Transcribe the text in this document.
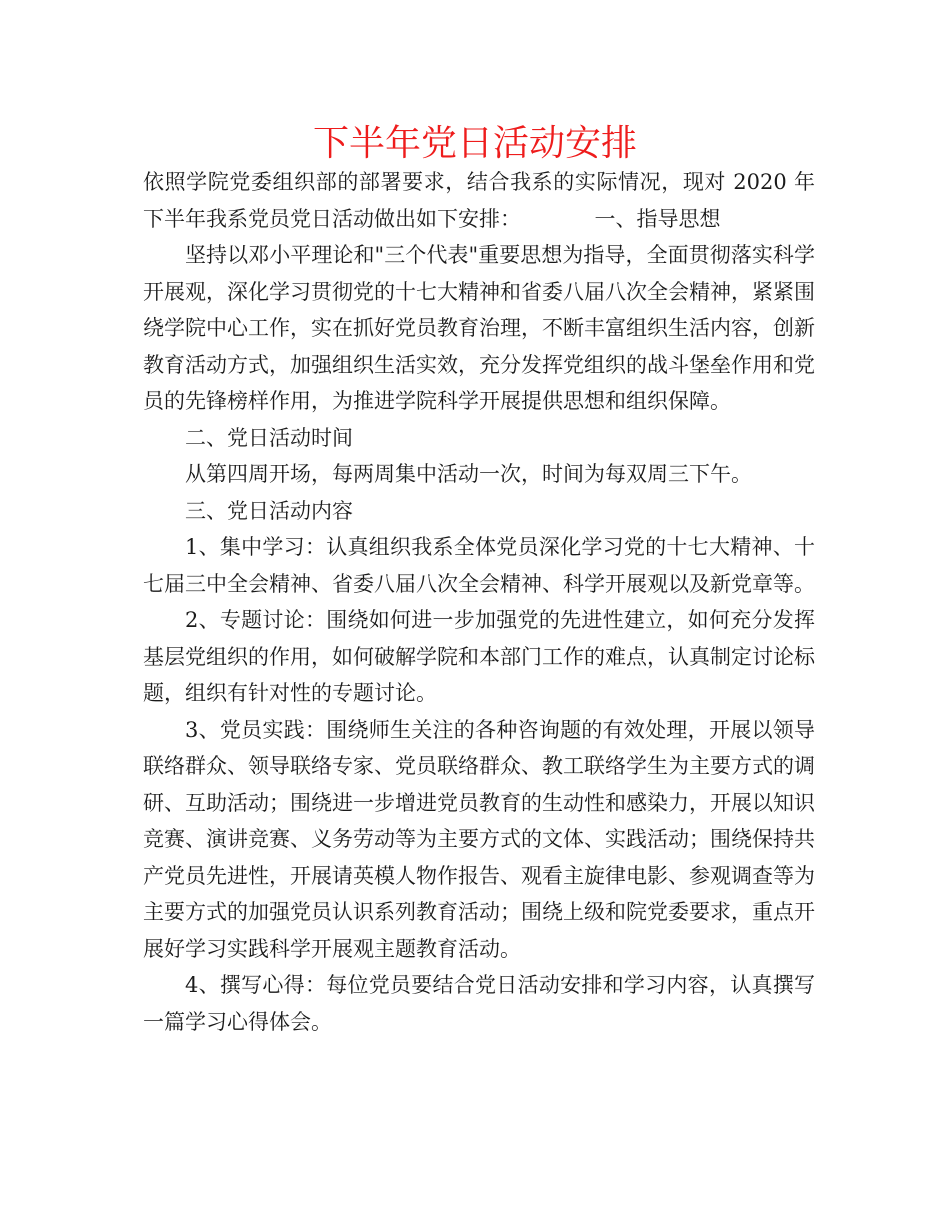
下半年党日活动安排

依照学院党委组织部的部署要求，结合我系的实际情况，现对 2020 年下半年我系党员党日活动做出如下安排：　　　　一、指导思想

坚持以邓小平理论和"三个代表"重要思想为指导，全面贯彻落实科学开展观，深化学习贯彻党的十七大精神和省委八届八次全会精神，紧紧围绕学院中心工作，实在抓好党员教育治理，不断丰富组织生活内容，创新教育活动方式，加强组织生活实效，充分发挥党组织的战斗堡垒作用和党员的先锋榜样作用，为推进学院科学开展提供思想和组织保障。

二、党日活动时间

从第四周开场，每两周集中活动一次，时间为每双周三下午。

三、党日活动内容

1、集中学习：认真组织我系全体党员深化学习党的十七大精神、十七届三中全会精神、省委八届八次全会精神、科学开展观以及新党章等。

2、专题讨论：围绕如何进一步加强党的先进性建立，如何充分发挥基层党组织的作用，如何破解学院和本部门工作的难点，认真制定讨论标题，组织有针对性的专题讨论。

3、党员实践：围绕师生关注的各种咨询题的有效处理，开展以领导联络群众、领导联络专家、党员联络群众、教工联络学生为主要方式的调研、互助活动；围绕进一步增进党员教育的生动性和感染力，开展以知识竞赛、演讲竞赛、义务劳动等为主要方式的文体、实践活动；围绕保持共产党员先进性，开展请英模人物作报告、观看主旋律电影、参观调查等为主要方式的加强党员认识系列教育活动；围绕上级和院党委要求，重点开展好学习实践科学开展观主题教育活动。

4、撰写心得：每位党员要结合党日活动安排和学习内容，认真撰写一篇学习心得体会。
